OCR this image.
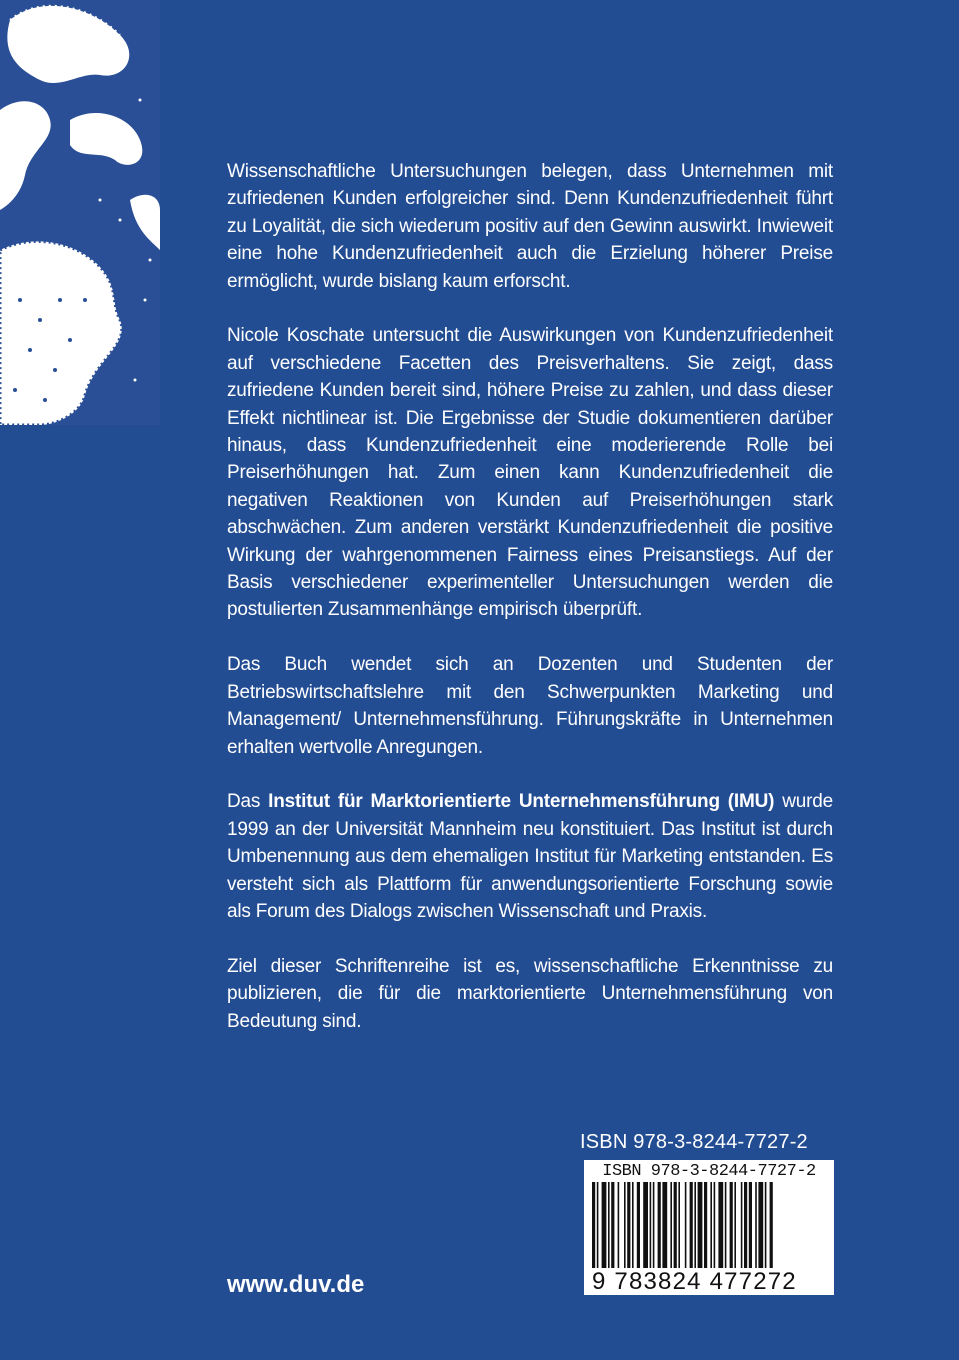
Wissenschaftliche Untersuchungen belegen, dass Unternehmen mit zufriedenen Kunden erfolgreicher sind. Denn Kundenzufriedenheit führt zu Loyalität, die sich wiederum positiv auf den Gewinn auswirkt. Inwieweit eine hohe Kundenzufriedenheit auch die Erzielung höherer Preise ermöglicht, wurde bislang kaum erforscht.

Nicole Koschate untersucht die Auswirkungen von Kundenzufriedenheit auf verschiedene Facetten des Preisverhaltens. Sie zeigt, dass zufriedene Kunden bereit sind, höhere Preise zu zahlen, und dass dieser Effekt nichtlinear ist. Die Ergebnisse der Studie dokumentieren darüber hinaus, dass Kundenzufriedenheit eine moderierende Rolle bei Preiserhöhungen hat. Zum einen kann Kundenzufriedenheit die negativen Reaktionen von Kunden auf Preiserhöhungen stark abschwächen. Zum anderen verstärkt Kundenzufriedenheit die positive Wirkung der wahrgenommenen Fairness eines Preisanstiegs. Auf der Basis verschiedener experimenteller Untersuchungen werden die postulierten Zusammenhänge empirisch überprüft.

Das Buch wendet sich an Dozenten und Studenten der Betriebswirtschaftslehre mit den Schwerpunkten Marketing und Management/ Unternehmensführung. Führungskräfte in Unternehmen erhalten wertvolle Anregungen.

Das Institut für Marktorientierte Unternehmensführung (IMU) wurde 1999 an der Universität Mannheim neu konstituiert. Das Institut ist durch Umbenennung aus dem ehemaligen Institut für Marketing entstanden. Es versteht sich als Plattform für anwendungsorientierte Forschung sowie als Forum des Dialogs zwischen Wissenschaft und Praxis.

Ziel dieser Schriftenreihe ist es, wissenschaftliche Erkenntnisse zu publizieren, die für die marktorientierte Unternehmensführung von Bedeutung sind.

ISBN 978-3-8244-7727-2
ISBN 978-3-8244-7727-2
9 783824 477272
www.duv.de
